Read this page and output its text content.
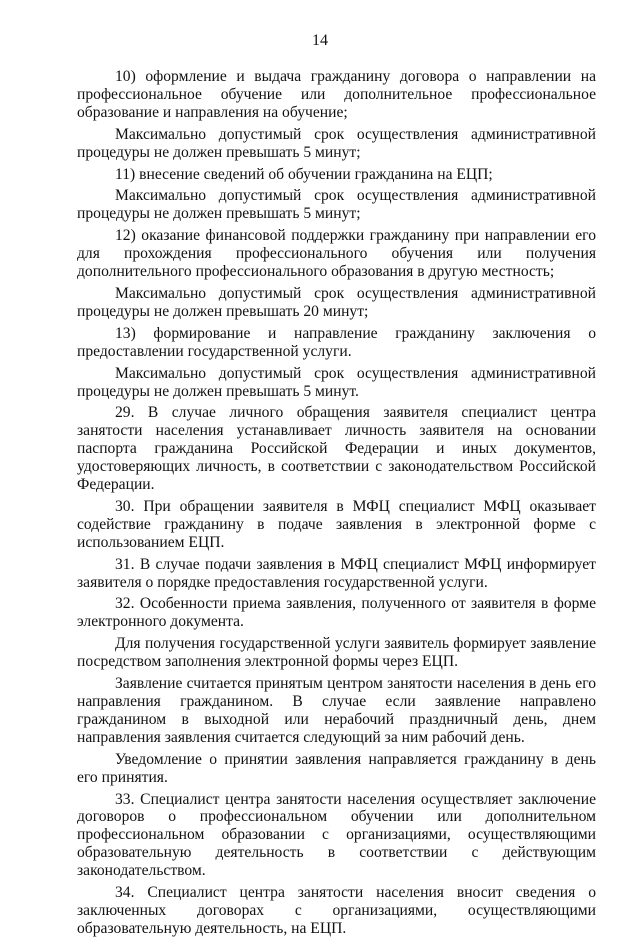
14

10) оформление и выдача гражданину договора о направлении на профессиональное обучение или дополнительное профессиональное образование и направления на обучение;

Максимально допустимый срок осуществления административной процедуры не должен превышать 5 минут;

11) внесение сведений об обучении гражданина на ЕЦП;

Максимально допустимый срок осуществления административной процедуры не должен превышать 5 минут;

12) оказание финансовой поддержки гражданину при направлении его для прохождения профессионального обучения или получения дополнительного профессионального образования в другую местность;

Максимально допустимый срок осуществления административной процедуры не должен превышать 20 минут;

13) формирование и направление гражданину заключения о предоставлении государственной услуги.

Максимально допустимый срок осуществления административной процедуры не должен превышать 5 минут.

29. В случае личного обращения заявителя специалист центра занятости населения устанавливает личность заявителя на основании паспорта гражданина Российской Федерации и иных документов, удостоверяющих личность, в соответствии с законодательством Российской Федерации.

30. При обращении заявителя в МФЦ специалист МФЦ оказывает содействие гражданину в подаче заявления в электронной форме с использованием ЕЦП.

31. В случае подачи заявления в МФЦ специалист МФЦ информирует заявителя о порядке предоставления государственной услуги.

32. Особенности приема заявления, полученного от заявителя в форме электронного документа.

Для получения государственной услуги заявитель формирует заявление посредством заполнения электронной формы через ЕЦП.

Заявление считается принятым центром занятости населения в день его направления гражданином. В случае если заявление направлено гражданином в выходной или нерабочий праздничный день, днем направления заявления считается следующий за ним рабочий день.

Уведомление о принятии заявления направляется гражданину в день его принятия.

33. Специалист центра занятости населения осуществляет заключение договоров о профессиональном обучении или дополнительном профессиональном образовании с организациями, осуществляющими образовательную деятельность в соответствии с действующим законодательством.

34. Специалист центра занятости населения вносит сведения о заключенных договорах с организациями, осуществляющими образовательную деятельность, на ЕЦП.
